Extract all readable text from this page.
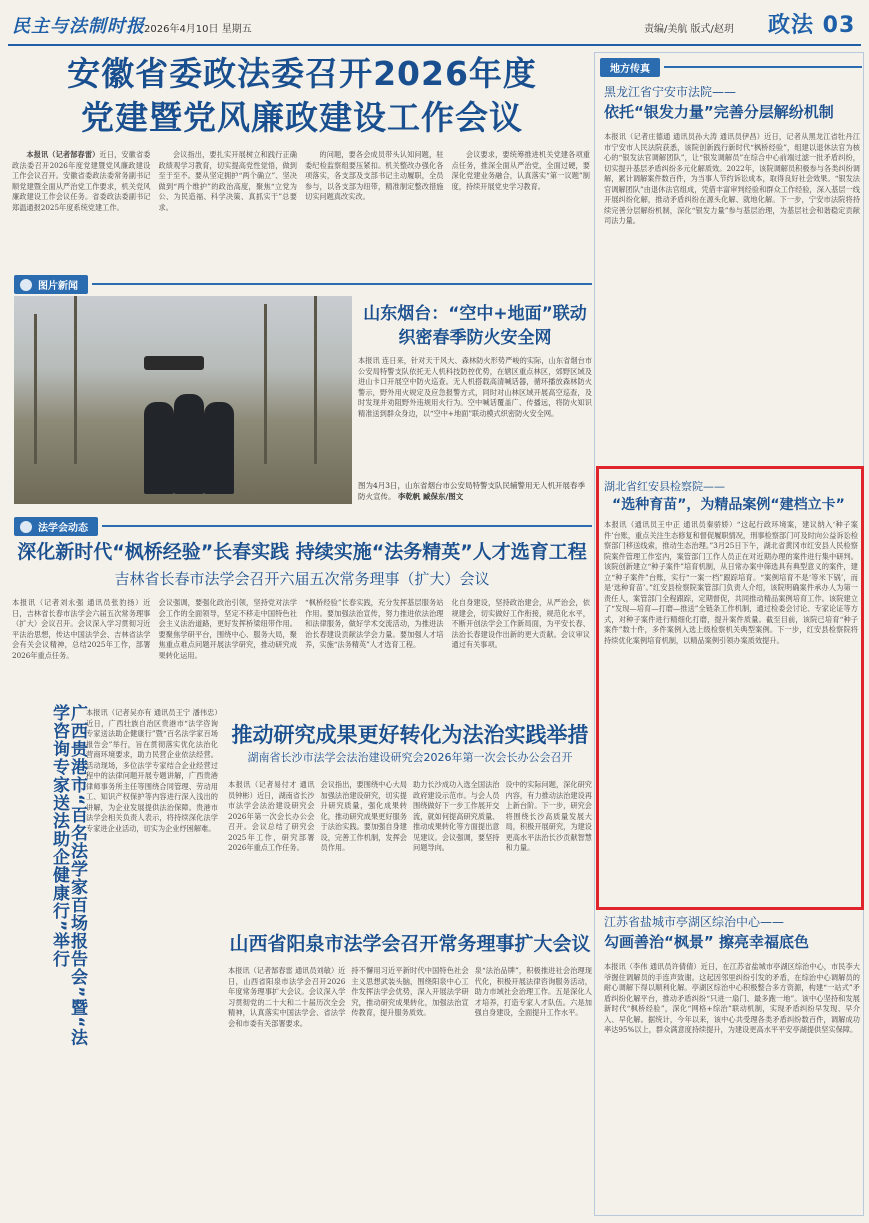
民主与法制时报 2026年4月10日 星期五	责编/美航 版式/赵玥 政法 03
安徽省委政法委召开2026年度
党建暨党风廉政建设工作会议

本报讯（记者郜春雷）近日，安徽省委政法委召开2026年度党建暨党风廉政建设工作会议召开。安徽省委政法委常务副书记顺党建暨全面从严治党工作要求，机关党风廉政建设工作会议任务。省委政法委副书记郑温通报2025年度系统党建工作。

会议指出，要扎实开展树立和践行正确政绩观学习教育，切实提高党性觉悟，做到至于至不。要从坚定拥护“两个确立”、坚决做到“两个维护”的政治高度，聚焦“立党为公、为民造福、科学决策、真抓实干”总要求。

的问题，要各会成员带头认知问题，驻委纪检监察组要压紧扣。机关整改办强化各项落实，各支部及支部书记主动履职，全员参与，以各支部为纽带，精准制定整改措施切实问题真改实改。

会议要求，要统筹推进机关党建各项重点任务，推深全面从严治党，全面过硬，要深化党建业务融合，认真落实“第一议题”制度，持续开展党史学习教育。

图片新闻
山东烟台：“空中+地面”联动
织密春季防火安全网
本报讯 连日来，针对天干风大、森林防火形势严峻的实际，山东省烟台市公安局特警支队依托无人机科技防控优势，在辖区重点林区，郊野区域及进山卡口开展空中防火巡查。无人机搭载高清喊话器，循环播放森林防火警示，野外用火规定及应急报警方式，同时对山林区域开展高空巡查，及时发现并劝阻野外违规用火行为。空中喊话覆盖广、传播远，将防火知识精准送到群众身边，以“空中+地面”联动模式织密防火安全网。
图为4月3日，山东省烟台市公安局特警支队民辅警用无人机开展春季防火宣传。 李乾帆 臧保东/图文
法学会动态
深化新时代“枫桥经验”长春实践 持续实施“法务精英”人才选育工程
吉林省长春市法学会召开六届五次常务理事（扩大）会议

本报讯（记者刘永强 通讯员张豹扬）近日，吉林省长春市法学会六届五次常务理事（扩大）会议召开。会议深入学习贯彻习近平法治思想，传达中国法学会、吉林省法学会有关会议精神，总结2025年工作，部署2026年重点任务。

会议强调，要强化政治引领，坚持党对法学会工作的全面领导，坚定不移走中国特色社会主义法治道路，更好发挥桥梁纽带作用。要聚焦学研平台，围绕中心、服务大局，聚焦重点难点问题开展法学研究，推动研究成果转化运用。

“枫桥经验”长春实践，充分发挥基层服务站作用。要加强法治宣传，努力推进依法治理和法律服务，做好学术交流活动，为推进法治长春建设贡献法学会力量。要加强人才培养，实施“法务精英”人才选育工程。

化自身建设，坚持政治建会，从严治会，依规建会，切实做好工作衔接，规范化水平，不断开创法学会工作新局面，为平安长春、法治长春建设作出新的更大贡献。会议审议通过有关事项。

广西贵港市“百名法学家百场报告会”暨“法学咨询专家送法助企健康行”举行	本报讯（记者吴亦有 通讯员王宁 潘伟忠）近日，广西壮族自治区贵港市“法学咨询专家送法助企健康行”暨“百名法学家百场报告会”举行，旨在贯彻落实优化法治化营商环境要求，助力民营企业依法经营。活动现场，多位法学专家结合企业经营过程中的法律问题开展专题讲解，广西贵港律师事务所主任等围绕合同管理、劳动用工、知识产权保护等内容进行深入浅出的讲解，为企业发展提供法治保障。贵港市法学会相关负责人表示，将持续深化法学专家进企业活动，切实为企业纾困解难。
推动研究成果更好转化为法治实践举措
湖南省长沙市法学会法治建设研究会2026年第一次会长办公会召开

本报讯（记者易付才 通讯员钟彬）近日，湖南省长沙市法学会法治建设研究会2026年第一次会长办公会召开。会议总结了研究会2025年工作，研究部署2026年重点工作任务。

会议指出，要围绕中心大局加强法治建设研究，切实提升研究质量，强化成果转化，推动研究成果更好服务于法治实践。要加强自身建设，完善工作机制，发挥会员作用。

助力长沙成功入选全国法治政府建设示范市。与会人员围绕做好下一步工作展开交流，就如何提高研究质量、推动成果转化等方面提出意见建议。会议强调，要坚持问题导向。

设中的实际问题，深化研究内容，有力推动法治建设再上新台阶。下一步，研究会将围绕长沙高质量发展大局，积极开展研究，为建设更高水平法治长沙贡献智慧和力量。

山西省阳泉市法学会召开常务理事扩大会议

本报讯（记者郜春雷 通讯员刘敏）近日，山西省阳泉市法学会召开2026年度常务理事扩大会议。会议深入学习贯彻党的二十大和二十届历次全会精神，认真落实中国法学会、省法学会和市委有关部署要求。

持不懈用习近平新时代中国特色社会主义思想武装头脑，围绕阳泉中心工作发挥法学会优势，深入开展法学研究，推动研究成果转化，加强法治宣传教育，提升服务质效。

泉“法治品牌”，积极推进社会治理现代化，积极开展法律咨询服务活动，助力市域社会治理工作。五是深化人才培养，打造专家人才队伍。六是加强自身建设，全面提升工作水平。

地方传真
黑龙江省宁安市法院——
依托“银发力量”完善分层解纷机制
本报讯（记者庄德通 通讯员孙大涛 通讯员伊昌）近日，记者从黑龙江省牡丹江市宁安市人民法院获悉，该院创新践行新时代“枫桥经验”，组建以退休法官为核心的“银发法官调解团队”，让“银发调解员”在综合中心前端过滤一批矛盾纠纷，切实提升基层矛盾纠纷多元化解质效。2022年，该院调解员积极参与各类纠纷调解，累计调解案件数百件，为当事人节约诉讼成本，取得良好社会效果。“银发法官调解团队”由退休法官组成，凭借丰富审判经验和群众工作经验，深入基层一线开展纠纷化解，推动矛盾纠纷在源头化解、就地化解。下一步，宁安市法院将持续完善分层解纷机制，深化“银发力量”参与基层治理，为基层社会和谐稳定贡献司法力量。
湖北省红安县检察院——
“选种育苗”，为精品案例“建档立卡”
本报讯（通讯员王中正 通讯员秦骄娇）“这起行政环境案，建议纳入‘种子案件’台账，重点关注生态修复和督促履职情况，刑事检察部门可及时向公益诉讼检察部门移送线索，推动生态治理。”3月25日下午，湖北省黄冈市红安县人民检察院案件管理工作室内，案管部门工作人员正在对近期办理的案件进行集中研判。该院创新建立“种子案件”培育机制，从日常办案中筛选具有典型意义的案件，建立“种子案件”台账，实行“一案一档”跟踪培育。“案例培育不是‘等米下锅’，而是‘选种育苗’。”红安县检察院案管部门负责人介绍，该院明确案件承办人为第一责任人，案管部门全程跟踪，定期督促，共同推动精品案例培育工作。该院建立了“发现—培育—打磨—推送”全链条工作机制，通过检委会讨论、专家论证等方式，对种子案件进行精细化打磨，提升案件质量。截至目前，该院已培育“种子案件”数十件，多件案例入选上级检察机关典型案例。下一步，红安县检察院将持续优化案例培育机制，以精品案例引领办案质效提升。
江苏省盐城市亭湖区综治中心——
勾画善治“枫景” 擦亮幸福底色
本报讯（李伟 通讯员许倩倩）近日，在江苏省盐城市亭湖区综治中心，市民李大爷握住调解员的手连声致谢。这起因邻里纠纷引发的矛盾，在综治中心调解员的耐心调解下得以顺利化解。亭湖区综治中心积极整合多方资源，构建“一站式”矛盾纠纷化解平台，推动矛盾纠纷“只进一扇门、最多跑一地”。该中心坚持和发展新时代“枫桥经验”，深化“网格+综治”联动机制，实现矛盾纠纷早发现、早介入、早化解。据统计，今年以来，该中心共受理各类矛盾纠纷数百件，调解成功率达95%以上，群众满意度持续提升，为建设更高水平平安亭湖提供坚实保障。
